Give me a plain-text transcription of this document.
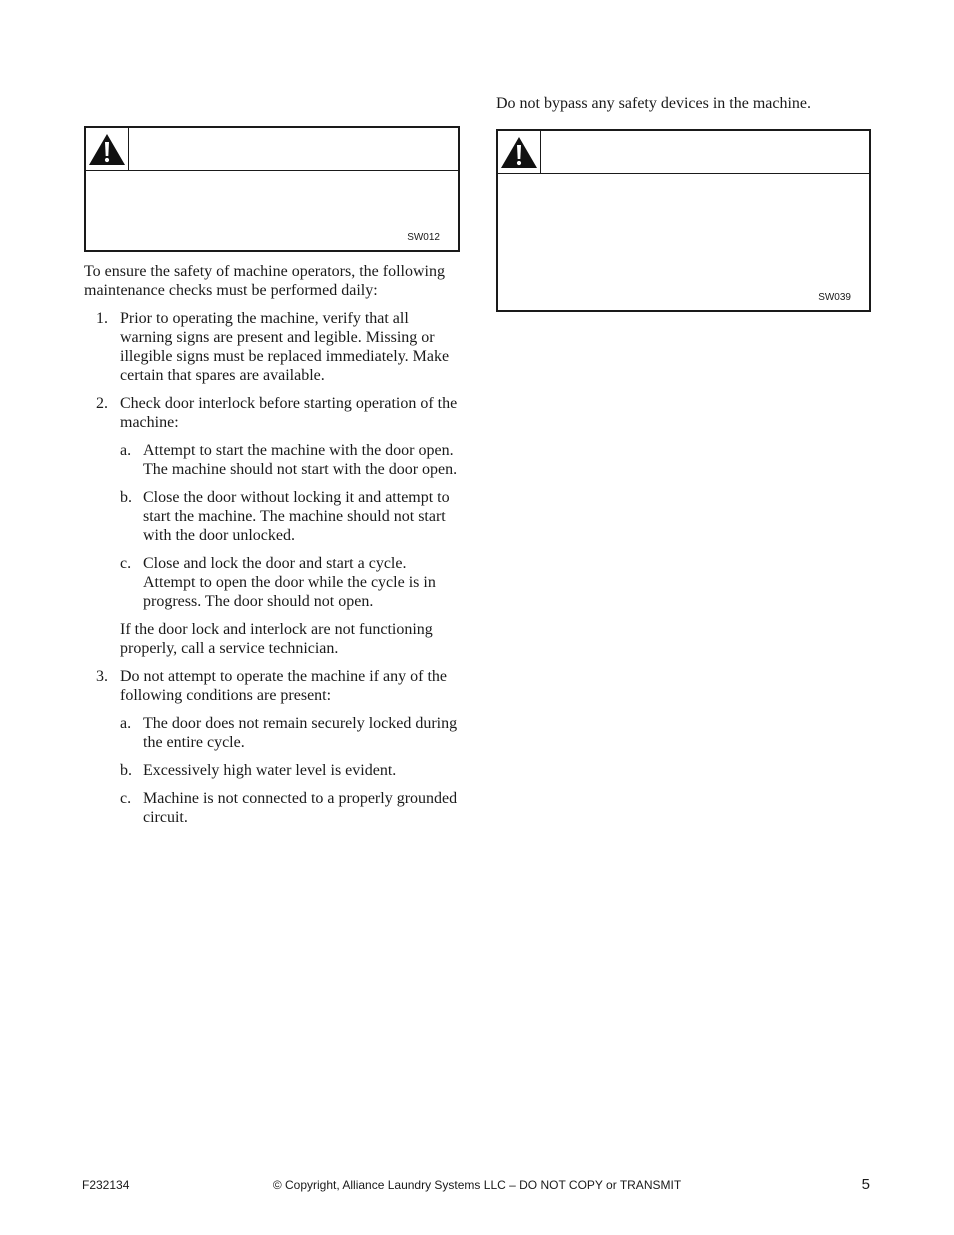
SW012

To ensure the safety of machine operators, the following maintenance checks must be performed daily:

1. Prior to operating the machine, verify that all warning signs are present and legible. Missing or illegible signs must be replaced immediately. Make certain that spares are available.
2. Check door interlock before starting operation of the machine:
a. Attempt to start the machine with the door open. The machine should not start with the door open.
b. Close the door without locking it and attempt to start the machine. The machine should not start with the door unlocked.
c. Close and lock the door and start a cycle. Attempt to open the door while the cycle is in progress. The door should not open.

If the door lock and interlock are not functioning properly, call a service technician.

3. Do not attempt to operate the machine if any of the following conditions are present:
a. The door does not remain securely locked during the entire cycle.
b. Excessively high water level is evident.
c. Machine is not connected to a properly grounded circuit.

Do not bypass any safety devices in the machine.

SW039
F232134	© Copyright, Alliance Laundry Systems LLC – DO NOT COPY or TRANSMIT	5
